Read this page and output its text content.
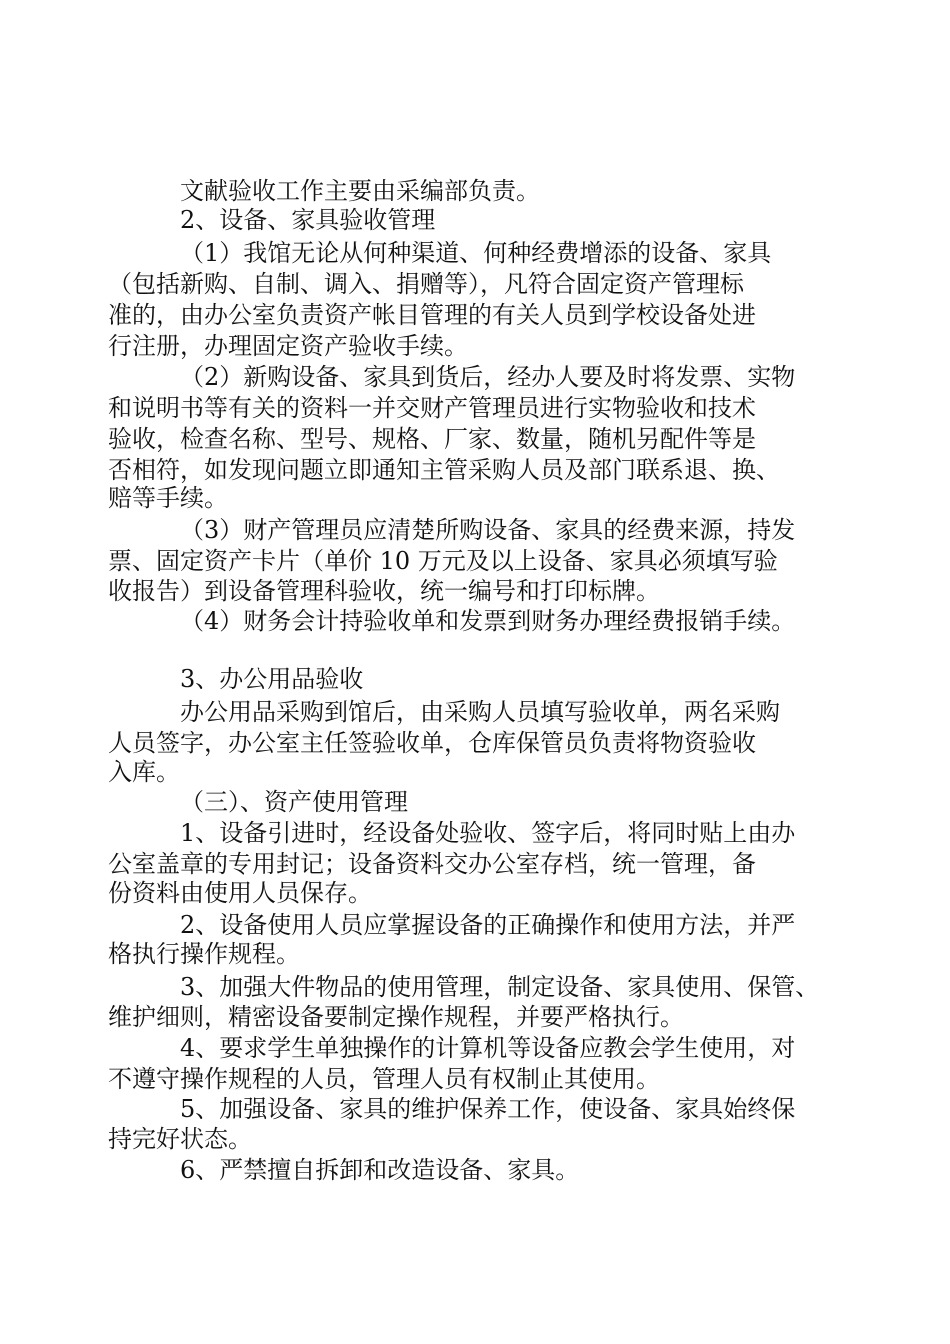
文献验收工作主要由采编部负责。
2、设备、家具验收管理
（1）我馆无论从何种渠道、何种经费增添的设备、家具
（包括新购、自制、调入、捐赠等），凡符合固定资产管理标
准的，由办公室负责资产帐目管理的有关人员到学校设备处进
行注册，办理固定资产验收手续。
（2）新购设备、家具到货后，经办人要及时将发票、实物
和说明书等有关的资料一并交财产管理员进行实物验收和技术
验收，检查名称、型号、规格、厂家、数量，随机另配件等是
否相符，如发现问题立即通知主管采购人员及部门联系退、换、
赔等手续。
（3）财产管理员应清楚所购设备、家具的经费来源，持发
票、固定资产卡片（单价 10 万元及以上设备、家具必须填写验
收报告）到设备管理科验收，统一编号和打印标牌。
（4）财务会计持验收单和发票到财务办理经费报销手续。
3、办公用品验收
办公用品采购到馆后，由采购人员填写验收单，两名采购
人员签字，办公室主任签验收单，仓库保管员负责将物资验收
入库。
（三）、资产使用管理
1、设备引进时，经设备处验收、签字后，将同时贴上由办
公室盖章的专用封记；设备资料交办公室存档，统一管理，备
份资料由使用人员保存。
2、设备使用人员应掌握设备的正确操作和使用方法，并严
格执行操作规程。
3、加强大件物品的使用管理，制定设备、家具使用、保管、
维护细则，精密设备要制定操作规程，并要严格执行。
4、要求学生单独操作的计算机等设备应教会学生使用，对
不遵守操作规程的人员，管理人员有权制止其使用。
5、加强设备、家具的维护保养工作，使设备、家具始终保
持完好状态。
6、严禁擅自拆卸和改造设备、家具。
